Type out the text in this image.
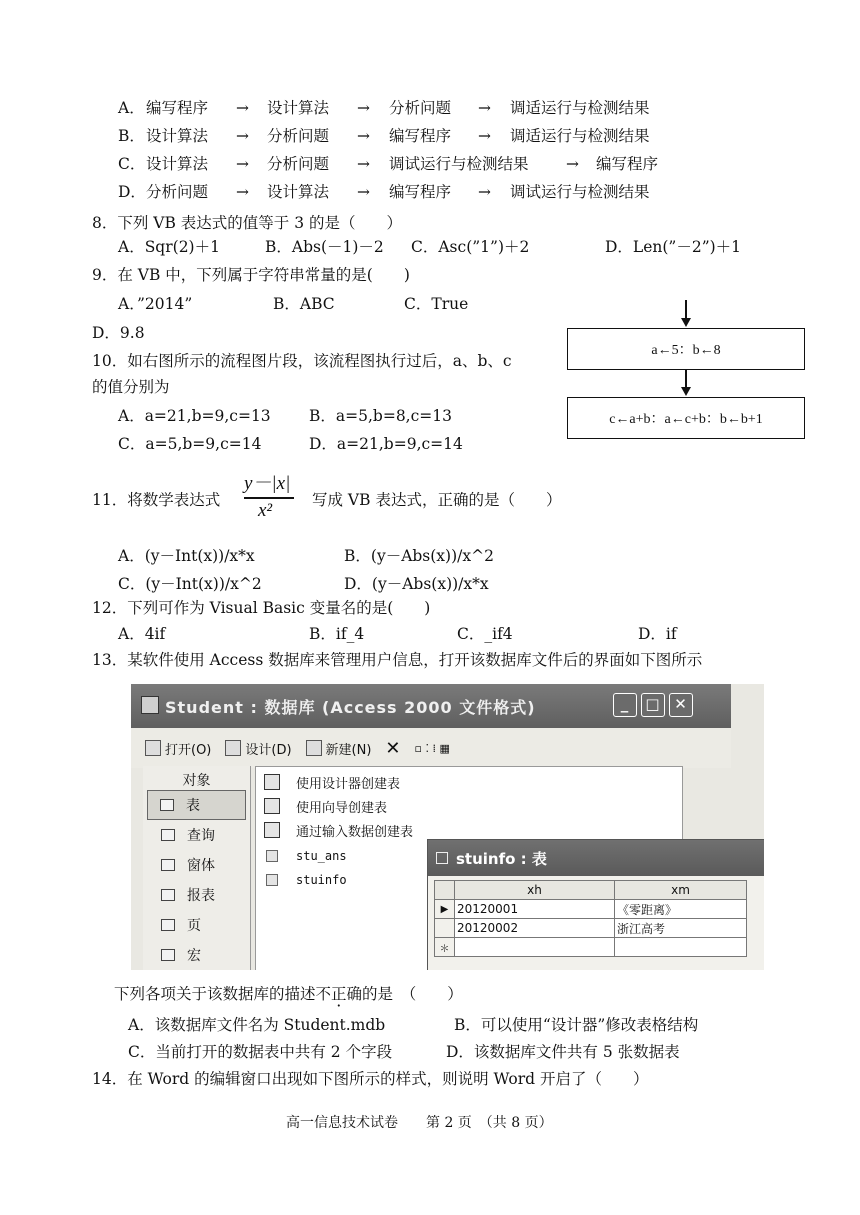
A． 编写程序 → 设计算法 → 分析问题 → 调适运行与检测结果
B． 设计算法 → 分析问题 → 编写程序 → 调适运行与检测结果
C． 设计算法 → 分析问题 → 调试运行与检测结果 → 编写程序
D． 分析问题 → 设计算法 → 编写程序 → 调试运行与检测结果
8．下列 VB 表达式的值等于 3 的是（　　）
A．Sqr(2)＋1	B．Abs(－1)－2 C．Asc(”1”)＋2	D．Len(”－2”)＋1
9．在 VB 中，下列属于字符串常量的是(　　)
A．”2014”	B．ABC	C．True
D．9.8
10．如右图所示的流程图片段，该流程图执行过后，a、b、c
的值分别为
A．a=21,b=9,c=13 B．a=5,b=8,c=13
C．a=5,b=9,c=14	D．a=21,b=9,c=14
a←5：b←8
c←a+b：a←c+b：b←b+1
11．将数学表达式
y－|x|
x²	写成 VB 表达式，正确的是（　　）
A．(y－Int(x))/x*x	B．(y－Abs(x))/x^2
C．(y－Int(x))/x^2	D．(y－Abs(x))/x*x
12．下列可作为 Visual Basic 变量名的是(　　)
A．4if	B．if_4	C．_if4	D．if
13．某软件使用 Access 数据库来管理用户信息，打开该数据库文件后的界面如下图所示
Student : 数据库 (Access 2000 文件格式)	_	□ ✕
打开(O)	设计(D)	新建(N) ✕ ▫ ⁚ ⁞ ▦
对象
表
查询
窗体
报表
页
宏
使用设计器创建表
使用向导创建表
通过输入数据创建表
stu_ans
stuinfo
stuinfo : 表
	xh	xm
▶	20120001	《零距离》
	20120002	浙江高考
＊		
下列各项关于该数据库的描述不正确的是　（　　）
A．该数据库文件名为 Student.mdb	B．可以使用“设计器”修改表格结构
C．当前打开的数据表中共有 2 个字段	D．该数据库文件共有 5 张数据表
14．在 Word 的编辑窗口出现如下图所示的样式，则说明 Word 开启了（　　）
高一信息技术试卷　　第 2 页　（共 8 页）
